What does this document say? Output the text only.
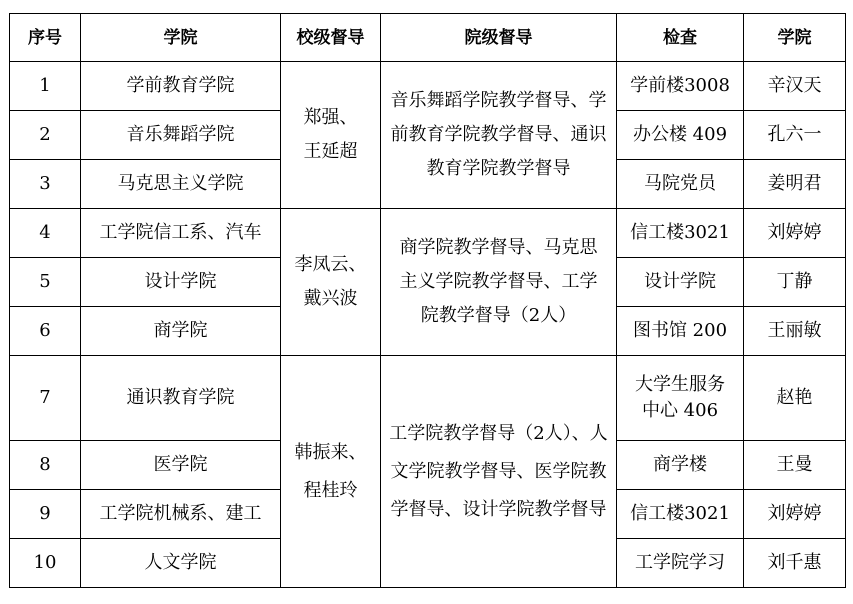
序号	学院	校级督导	院级督导	检查	学院
1	学前教育学院	郑强、王延超	音乐舞蹈学院教学督导、学前教育学院教学督导、通识教育学院教学督导	学前楼3008	辛汉天
2	音乐舞蹈学院			办公楼 409	孔六一
3	马克思主义学院			马院党员	姜明君
4	工学院信工系、汽车	李凤云、戴兴波	商学院教学督导、马克思主义学院教学督导、工学院教学督导（2人）	信工楼3021	刘婷婷
5	设计学院			设计学院	丁静
6	商学院			图书馆 200	王丽敏
7	通识教育学院	韩振来、程桂玲	工学院教学督导（2人）、人文学院教学督导、医学院教学督导、设计学院教学督导	大学生服务中心 406	赵艳
8	医学院			商学楼	王曼
9	工学院机械系、建工			信工楼3021	刘婷婷
10	人文学院			工学院学习	刘千惠
